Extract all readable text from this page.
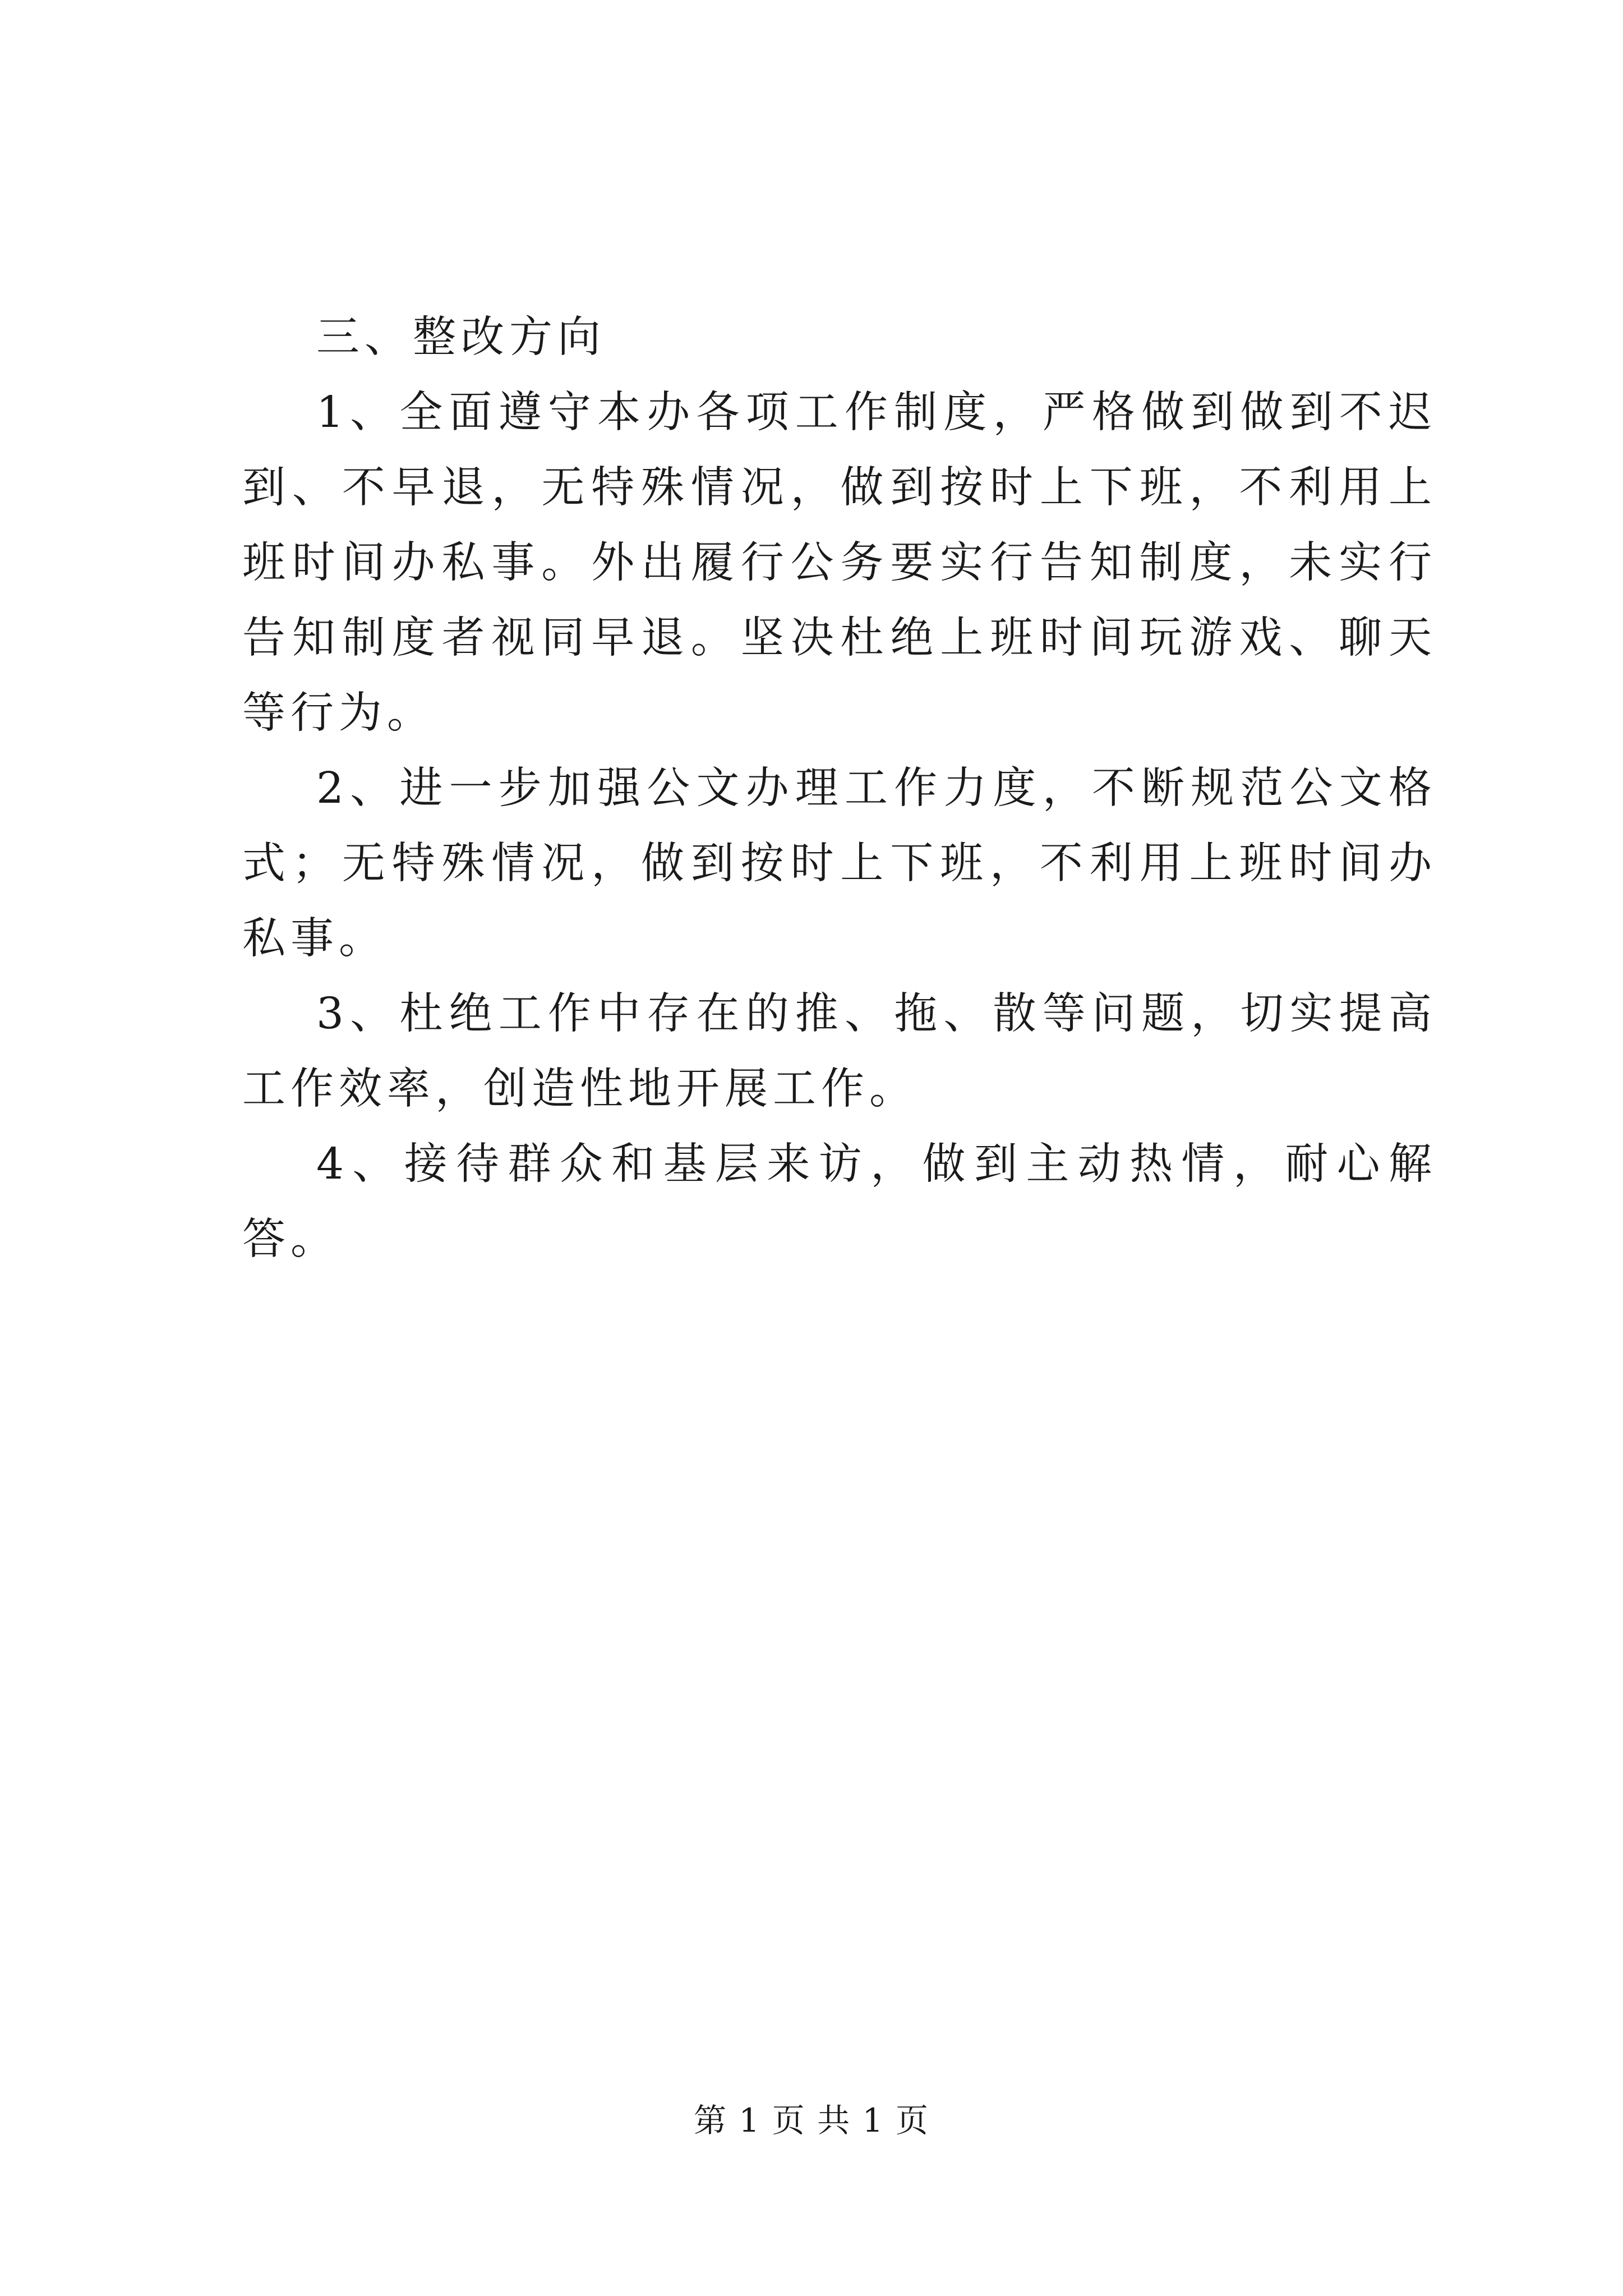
三、整改方向

1、全面遵守本办各项工作制度，严格做到做到不迟到、不早退，无特殊情况，做到按时上下班，不利用上班时间办私事。外出履行公务要实行告知制度，未实行告知制度者视同早退。坚决杜绝上班时间玩游戏、聊天等行为。

2、进一步加强公文办理工作力度，不断规范公文格式；无特殊情况，做到按时上下班，不利用上班时间办私事。

3、杜绝工作中存在的推、拖、散等问题，切实提高工作效率，创造性地开展工作。

4、接待群众和基层来访，做到主动热情，耐心解答。

第 1 页 共 1 页
